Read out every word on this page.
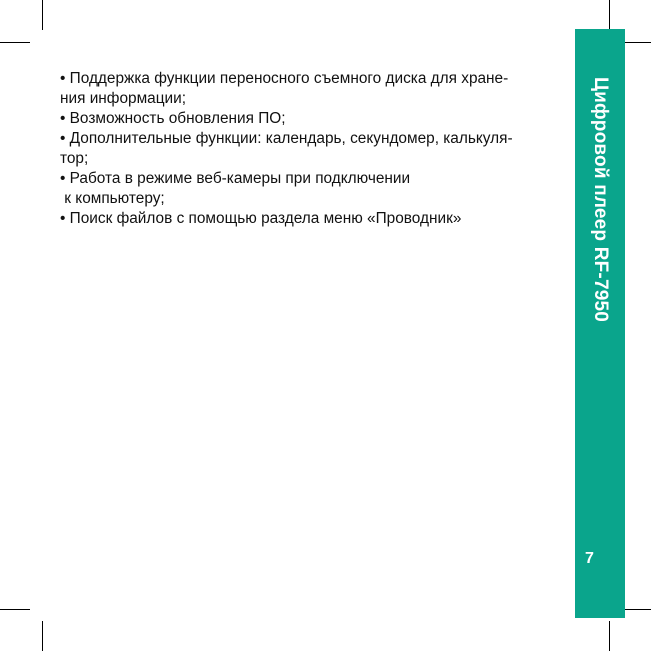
Цифровой плеер RF-7950
7

• Поддержка функции переносного съемного диска для хране-

ния информации;

• Возможность обновления ПО;

• Дополнительные функции: календарь, секундомер, калькуля-

тор;

• Работа в режиме веб-камеры при подключении

к компьютеру;

• Поиск файлов с помощью раздела меню «Проводник»
